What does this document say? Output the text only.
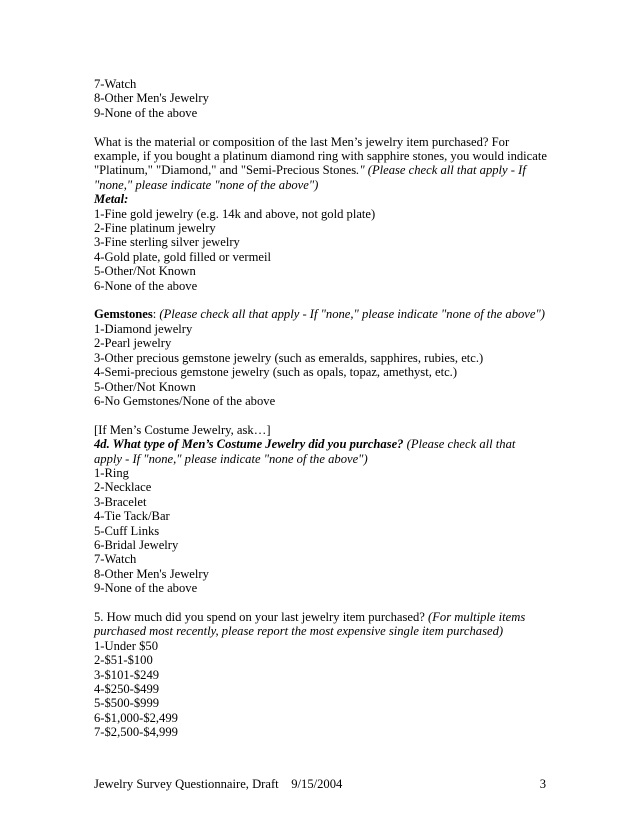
7-Watch
8-Other Men's Jewelry
9-None of the above
What is the material or composition of the last Men’s jewelry item purchased? For
example, if you bought a platinum diamond ring with sapphire stones, you would indicate
"Platinum," "Diamond," and "Semi-Precious Stones." (Please check all that apply - If
"none," please indicate "none of the above")
Metal:
1-Fine gold jewelry (e.g. 14k and above, not gold plate)
2-Fine platinum jewelry
3-Fine sterling silver jewelry
4-Gold plate, gold filled or vermeil
5-Other/Not Known
6-None of the above
Gemstones: (Please check all that apply - If "none," please indicate "none of the above")
1-Diamond jewelry
2-Pearl jewelry
3-Other precious gemstone jewelry (such as emeralds, sapphires, rubies, etc.)
4-Semi-precious gemstone jewelry (such as opals, topaz, amethyst, etc.)
5-Other/Not Known
6-No Gemstones/None of the above
[If Men’s Costume Jewelry, ask…]
4d. What type of Men’s Costume Jewelry did you purchase? (Please check all that
apply - If "none," please indicate "none of the above")
1-Ring
2-Necklace
3-Bracelet
4-Tie Tack/Bar
5-Cuff Links
6-Bridal Jewelry
7-Watch
8-Other Men's Jewelry
9-None of the above
5. How much did you spend on your last jewelry item purchased? (For multiple items
purchased most recently, please report the most expensive single item purchased)
1-Under $50
2-$51-$100
3-$101-$249
4-$250-$499
5-$500-$999
6-$1,000-$2,499
7-$2,500-$4,999
Jewelry Survey Questionnaire, Draft    9/15/2004	3
